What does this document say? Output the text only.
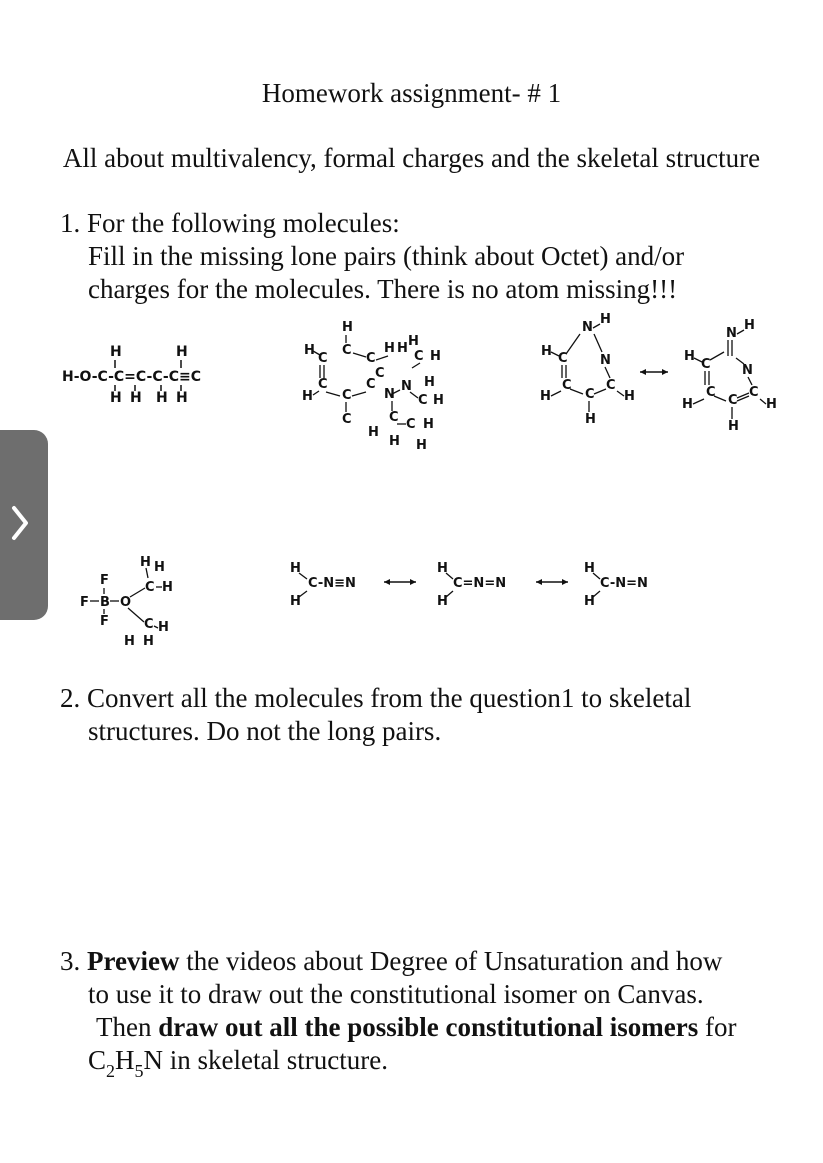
Homework assignment- # 1
All about multivalency, formal charges and the skeletal structure
1. For the following molecules:
Fill in the missing lone pairs (think about Octet) and/or
charges for the molecules. There is no atom missing!!!
H-O-C-C=C-C-C≡C
H	H
H H H H
H
C
H
C	C
H H H
C H
C
H
C
C
C
N
N H
C H
C	C C H
H
H H
N
H
H C N
H
C
C
C
H
H
N
H
H
C N
H
C
C
C
H
H
F
F B O
F
C H
H H
C H
H H
H
H
C-N≡N
H
H
C=N=N
H
H
C-N=N
2. Convert all the molecules from the question1 to skeletal
structures. Do not the long pairs.
3. Preview the videos about Degree of Unsaturation and how
to use it to draw out the constitutional isomer on Canvas.
Then draw out all the possible constitutional isomers for
$C_2H_5N$ in skeletal structure.
